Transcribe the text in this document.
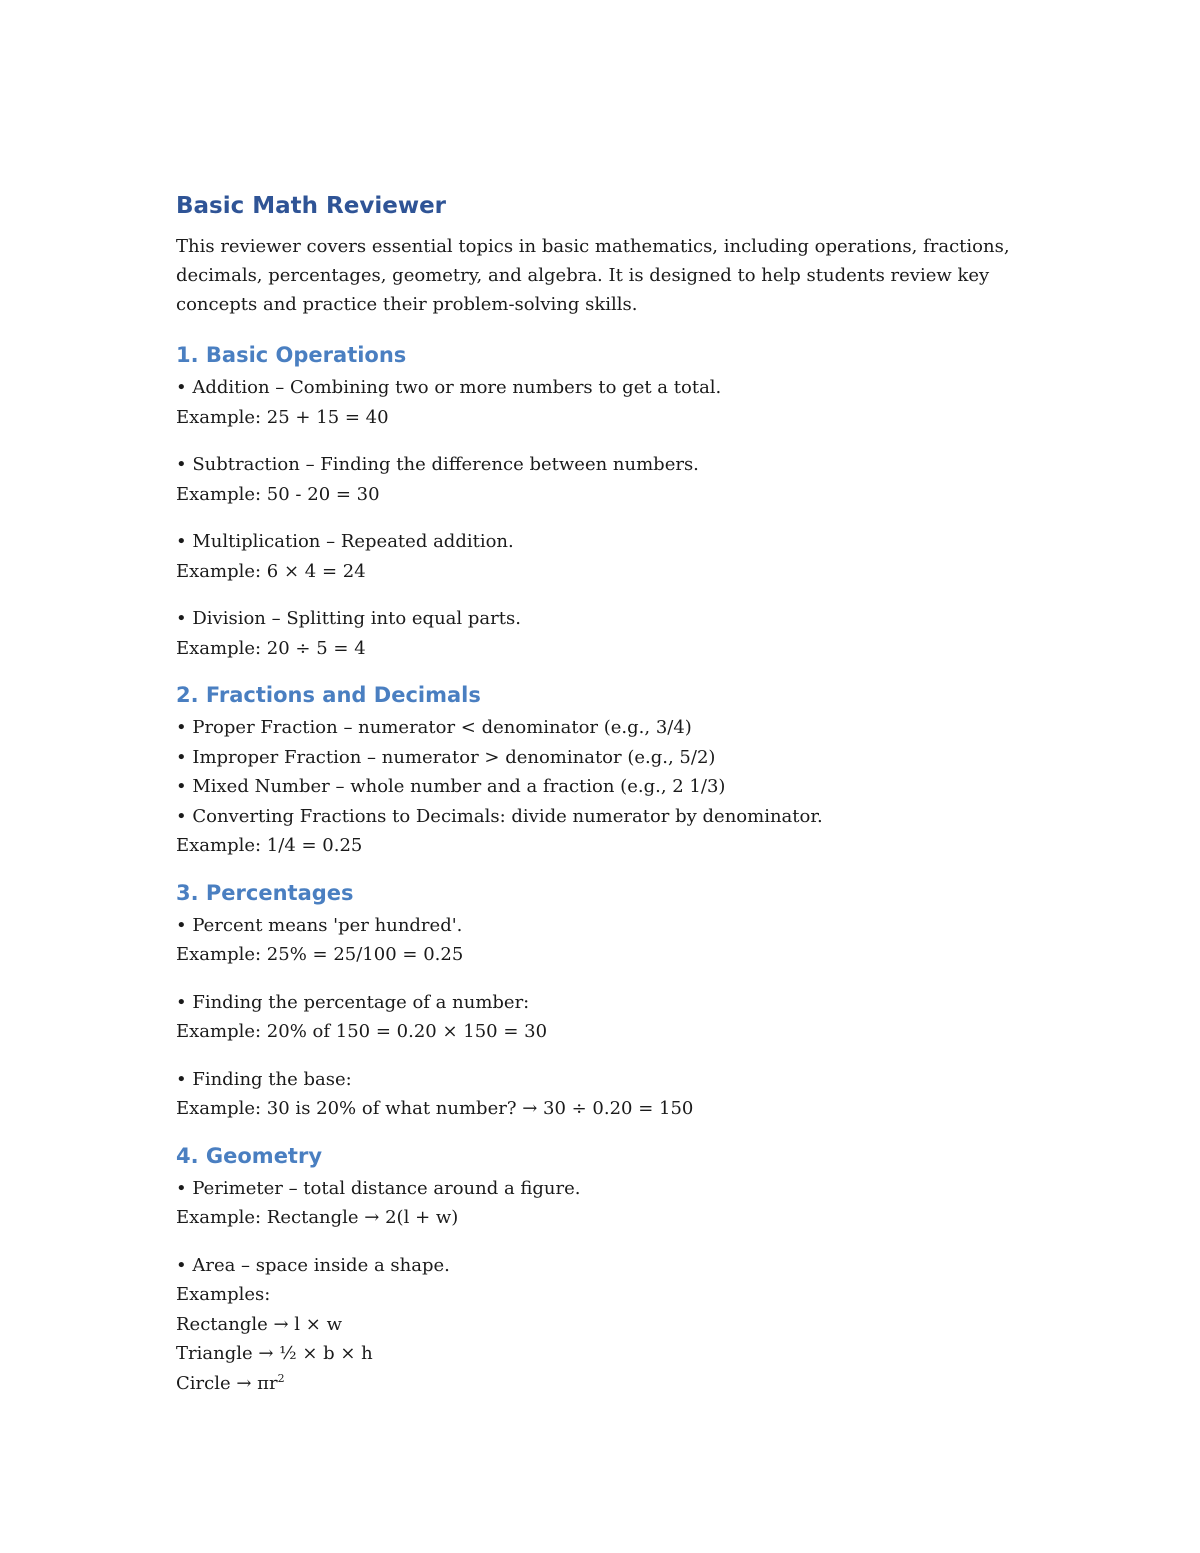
Basic Math Reviewer

This reviewer covers essential topics in basic mathematics, including operations, fractions, decimals, percentages, geometry, and algebra. It is designed to help students review key concepts and practice their problem-solving skills.

1. Basic Operations
• Addition – Combining two or more numbers to get a total.
Example: 25 + 15 = 40
• Subtraction – Finding the difference between numbers.
Example: 50 - 20 = 30
• Multiplication – Repeated addition.
Example: 6 × 4 = 24
• Division – Splitting into equal parts.
Example: 20 ÷ 5 = 4
2. Fractions and Decimals
• Proper Fraction – numerator < denominator (e.g., 3/4)
• Improper Fraction – numerator > denominator (e.g., 5/2)
• Mixed Number – whole number and a fraction (e.g., 2 1/3)
• Converting Fractions to Decimals: divide numerator by denominator.
Example: 1/4 = 0.25
3. Percentages
• Percent means 'per hundred'.
Example: 25% = 25/100 = 0.25
• Finding the percentage of a number:
Example: 20% of 150 = 0.20 × 150 = 30
• Finding the base:
Example: 30 is 20% of what number? → 30 ÷ 0.20 = 150
4. Geometry
• Perimeter – total distance around a figure.
Example: Rectangle → 2(l + w)
• Area – space inside a shape.
Examples:
Rectangle → l × w
Triangle → ½ × b × h
Circle → $\pi r^2$
